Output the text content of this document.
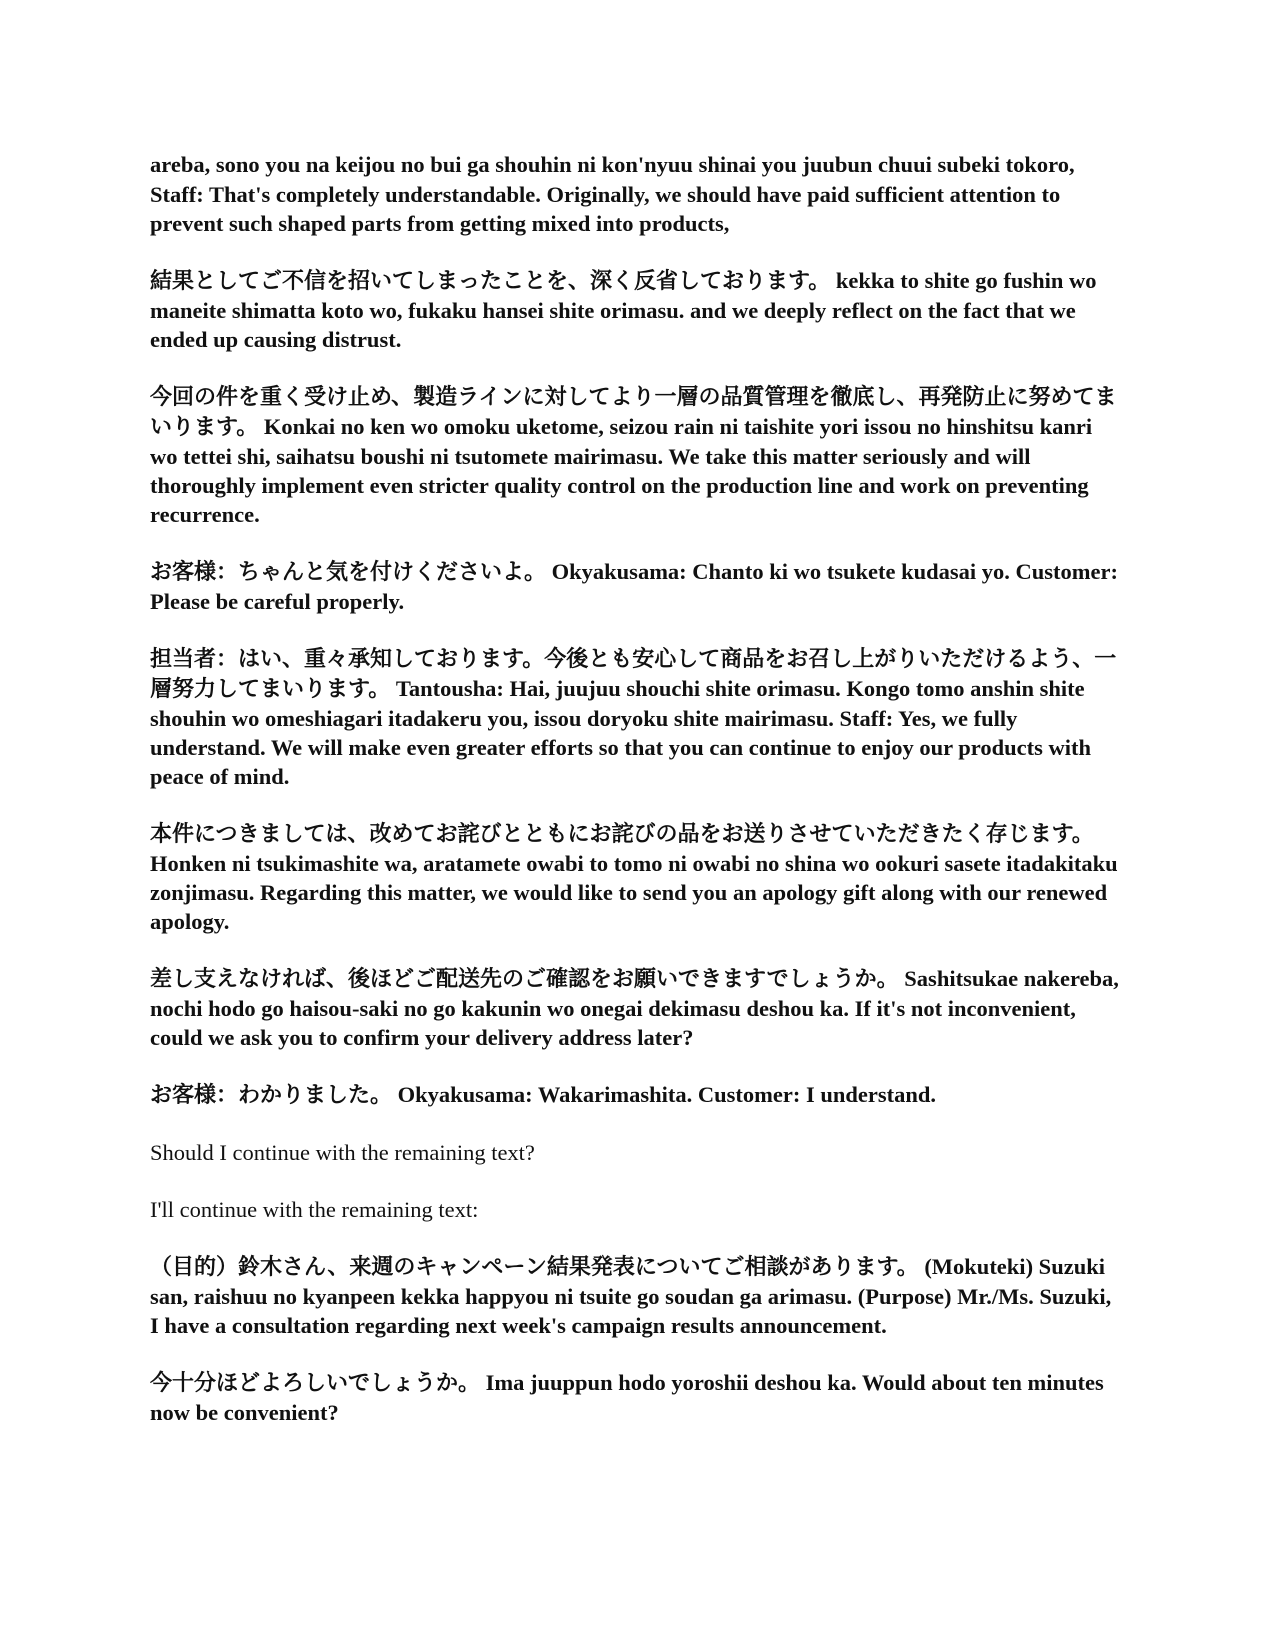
areba, sono you na keijou no bui ga shouhin ni kon'nyuu shinai you juubun chuui subeki tokoro, Staff: That's completely understandable. Originally, we should have paid sufficient attention to prevent such shaped parts from getting mixed into products,

結果としてご不信を招いてしまったことを、深く反省しております。 kekka to shite go fushin wo maneite shimatta koto wo, fukaku hansei shite orimasu. and we deeply reflect on the fact that we ended up causing distrust.

今回の件を重く受け止め、製造ラインに対してより一層の品質管理を徹底し、再発防止に努めてまいります。 Konkai no ken wo omoku uketome, seizou rain ni taishite yori issou no hinshitsu kanri wo tettei shi, saihatsu boushi ni tsutomete mairimasu. We take this matter seriously and will thoroughly implement even stricter quality control on the production line and work on preventing recurrence.

お客様：ちゃんと気を付けくださいよ。 Okyakusama: Chanto ki wo tsukete kudasai yo. Customer: Please be careful properly.

担当者：はい、重々承知しております。今後とも安心して商品をお召し上がりいただけるよう、一層努力してまいります。 Tantousha: Hai, juujuu shouchi shite orimasu. Kongo tomo anshin shite shouhin wo omeshiagari itadakeru you, issou doryoku shite mairimasu. Staff: Yes, we fully understand. We will make even greater efforts so that you can continue to enjoy our products with peace of mind.

本件につきましては、改めてお詫びとともにお詫びの品をお送りさせていただきたく存じます。 Honken ni tsukimashite wa, aratamete owabi to tomo ni owabi no shina wo ookuri sasete itadakitaku zonjimasu. Regarding this matter, we would like to send you an apology gift along with our renewed apology.

差し支えなければ、後ほどご配送先のご確認をお願いできますでしょうか。 Sashitsukae nakereba, nochi hodo go haisou-saki no go kakunin wo onegai dekimasu deshou ka. If it's not inconvenient, could we ask you to confirm your delivery address later?

お客様：わかりました。 Okyakusama: Wakarimashita. Customer: I understand.

Should I continue with the remaining text?

I'll continue with the remaining text:

（目的）鈴木さん、来週のキャンペーン結果発表についてご相談があります。 (Mokuteki) Suzuki san, raishuu no kyanpeen kekka happyou ni tsuite go soudan ga arimasu. (Purpose) Mr./Ms. Suzuki, I have a consultation regarding next week's campaign results announcement.

今十分ほどよろしいでしょうか。 Ima juuppun hodo yoroshii deshou ka. Would about ten minutes now be convenient?
